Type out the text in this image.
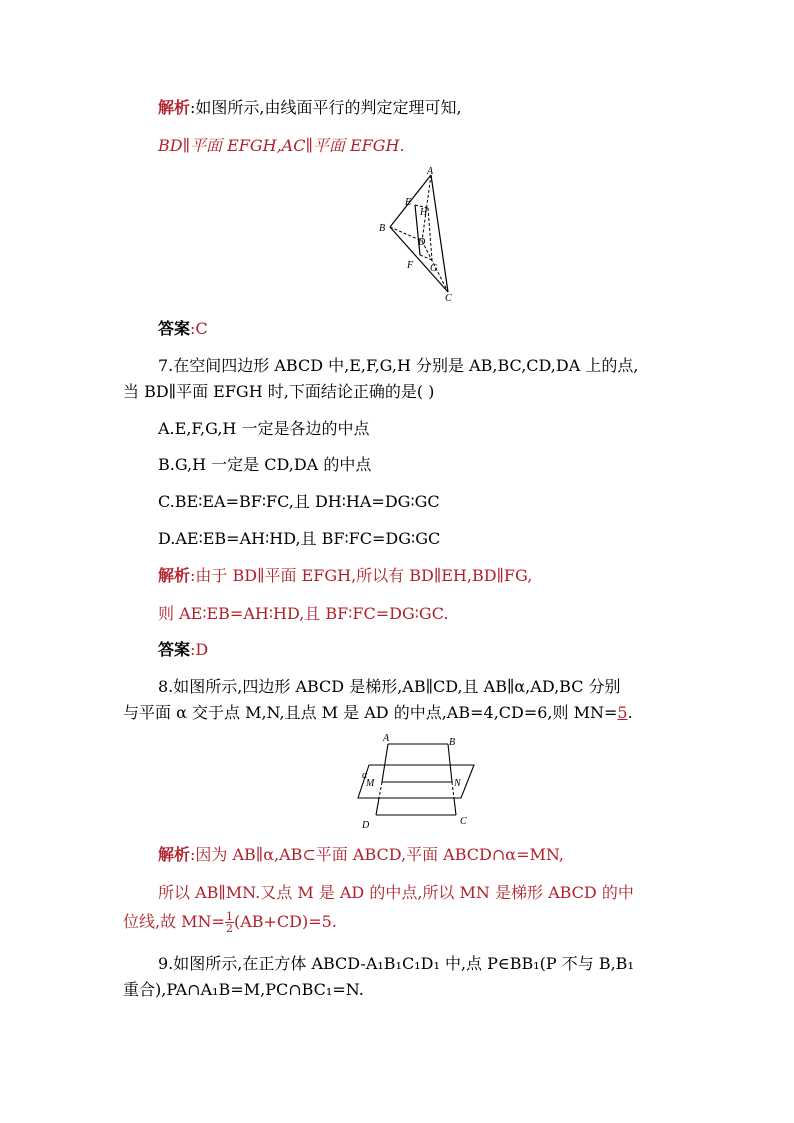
解析:如图所示,由线面平行的判定定理可知,
BD∥平面 EFGH,AC∥平面 EFGH.
A
E
H
B
D
F G
C
答案:C
7.在空间四边形 ABCD 中,E,F,G,H 分别是 AB,BC,CD,DA 上的点,
当 BD∥平面 EFGH 时,下面结论正确的是( )
A.E,F,G,H 一定是各边的中点
B.G,H 一定是 CD,DA 的中点
C.BE∶EA=BF∶FC,且 DH∶HA=DG∶GC
D.AE∶EB=AH∶HD,且 BF∶FC=DG∶GC
解析:由于 BD∥平面 EFGH,所以有 BD∥EH,BD∥FG,
则 AE∶EB=AH∶HD,且 BF∶FC=DG∶GC.
答案:D
8.如图所示,四边形 ABCD 是梯形,AB∥CD,且 AB∥α,AD,BC 分别
与平面 α 交于点 M,N,且点 M 是 AD 的中点,AB=4,CD=6,则 MN=5.
A	B
α
M	N
D	C
解析:因为 AB∥α,AB⊂平面 ABCD,平面 ABCD∩α=MN,
所以 AB∥MN.又点 M 是 AD 的中点,所以 MN 是梯形 ABCD 的中
位线,故 $MN= \frac{1}{2} (AB+CD)=5$.
9.如图所示,在正方体 ABCD-A₁B₁C₁D₁ 中,点 P∈BB₁(P 不与 B,B₁
重合),PA∩A₁B=M,PC∩BC₁=N.
